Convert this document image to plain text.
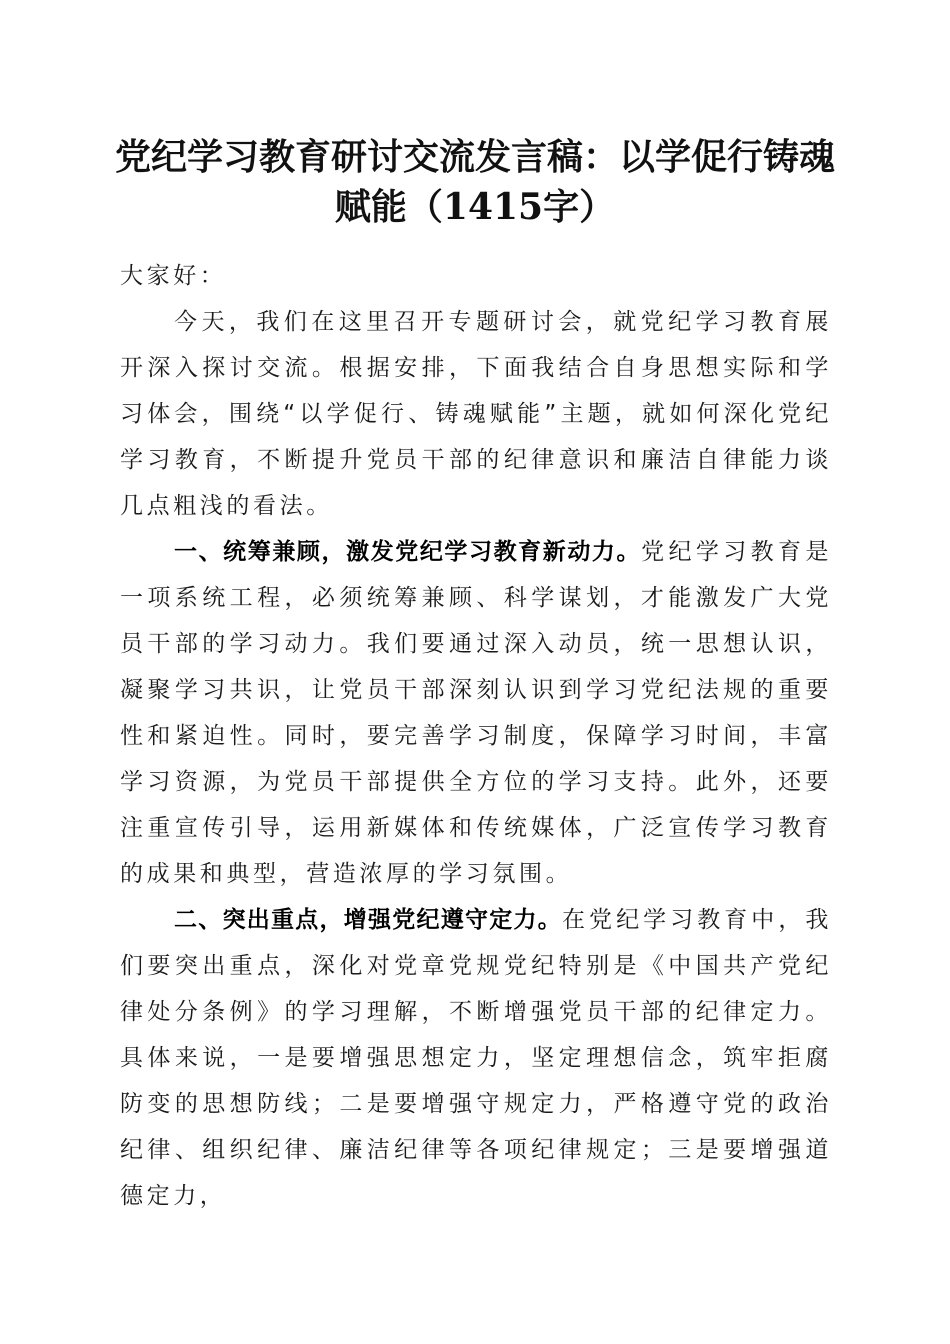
党纪学习教育研讨交流发言稿：以学促行铸魂赋能（1415字）

大家好：

今天，我们在这里召开专题研讨会，就党纪学习教育展开深入探讨交流。根据安排，下面我结合自身思想实际和学习体会，围绕“以学促行、铸魂赋能”主题，就如何深化党纪学习教育，不断提升党员干部的纪律意识和廉洁自律能力谈几点粗浅的看法。

一、统筹兼顾，激发党纪学习教育新动力。党纪学习教育是一项系统工程，必须统筹兼顾、科学谋划，才能激发广大党员干部的学习动力。我们要通过深入动员，统一思想认识，凝聚学习共识，让党员干部深刻认识到学习党纪法规的重要性和紧迫性。同时，要完善学习制度，保障学习时间，丰富学习资源，为党员干部提供全方位的学习支持。此外，还要注重宣传引导，运用新媒体和传统媒体，广泛宣传学习教育的成果和典型，营造浓厚的学习氛围。

二、突出重点，增强党纪遵守定力。在党纪学习教育中，我们要突出重点，深化对党章党规党纪特别是《中国共产党纪律处分条例》的学习理解，不断增强党员干部的纪律定力。具体来说，一是要增强思想定力，坚定理想信念，筑牢拒腐防变的思想防线；二是要增强守规定力，严格遵守党的政治纪律、组织纪律、廉洁纪律等各项纪律规定；三是要增强道德定力，
